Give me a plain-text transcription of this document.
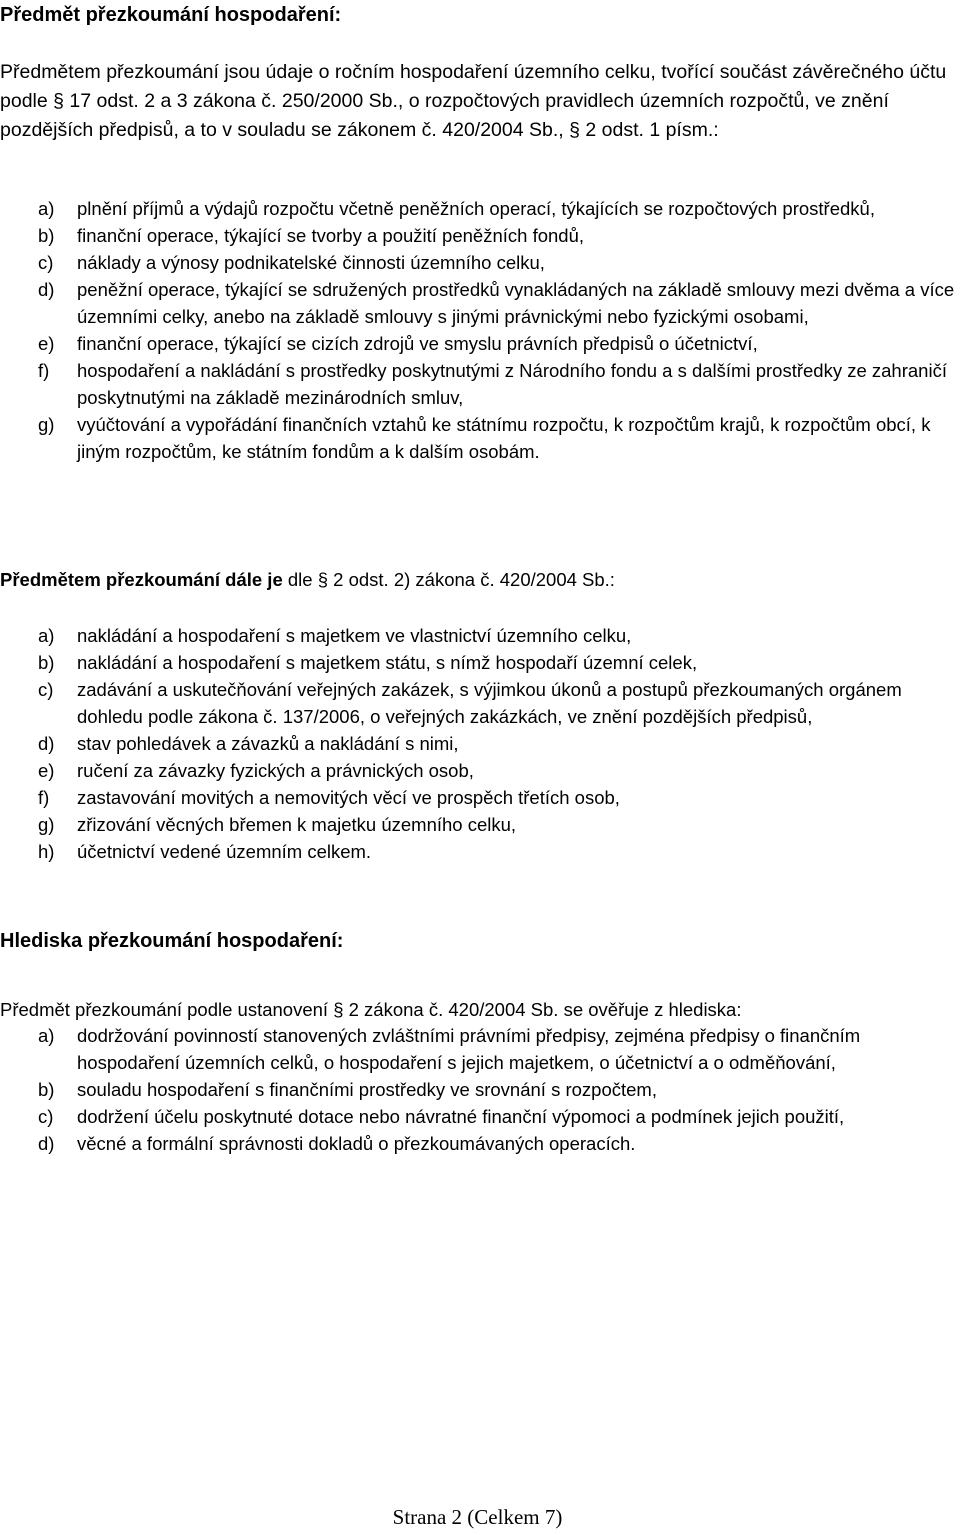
Předmět přezkoumání hospodaření:
Předmětem přezkoumání jsou údaje o ročním hospodaření územního celku, tvořící součást závěrečného účtu podle § 17 odst. 2 a 3 zákona č. 250/2000 Sb., o rozpočtových pravidlech územních rozpočtů, ve znění pozdějších předpisů, a to v souladu se zákonem č. 420/2004 Sb., § 2 odst. 1 písm.:
a) plnění příjmů a výdajů rozpočtu včetně peněžních operací, týkajících se rozpočtových prostředků,
b) finanční operace, týkající se tvorby a použití peněžních fondů,
c) náklady a výnosy podnikatelské činnosti územního celku,
d) peněžní operace, týkající se sdružených prostředků vynakládaných na základě smlouvy mezi dvěma a více územními celky, anebo na základě smlouvy s jinými právnickými nebo fyzickými osobami,
e) finanční operace, týkající se cizích zdrojů ve smyslu právních předpisů o účetnictví,
f) hospodaření a nakládání s prostředky poskytnutými z Národního fondu a s dalšími prostředky ze zahraničí poskytnutými na základě mezinárodních smluv,
g) vyúčtování a vypořádání finančních vztahů ke státnímu rozpočtu, k rozpočtům krajů, k rozpočtům obcí, k jiným rozpočtům, ke státním fondům a k dalším osobám.
Předmětem přezkoumání dále je dle § 2 odst. 2) zákona č. 420/2004 Sb.:
a) nakládání a hospodaření s majetkem ve vlastnictví územního celku,
b) nakládání a hospodaření s majetkem státu, s nímž hospodaří územní celek,
c) zadávání a uskutečňování veřejných zakázek, s výjimkou úkonů a postupů přezkoumaných orgánem dohledu podle zákona č. 137/2006, o veřejných zakázkách, ve znění pozdějších předpisů,
d) stav pohledávek a závazků a nakládání s nimi,
e) ručení za závazky fyzických a právnických osob,
f) zastavování movitých a nemovitých věcí ve prospěch třetích osob,
g) zřizování věcných břemen k majetku územního celku,
h) účetnictví vedené územním celkem.
Hlediska přezkoumání hospodaření:
Předmět přezkoumání podle ustanovení § 2 zákona č. 420/2004 Sb. se ověřuje z hlediska:
a) dodržování povinností stanovených zvláštními právními předpisy, zejména předpisy o finančním hospodaření územních celků, o hospodaření s jejich majetkem, o účetnictví a o odměňování,
b) souladu hospodaření s finančními prostředky ve srovnání s rozpočtem,
c) dodržení účelu poskytnuté dotace nebo návratné finanční výpomoci a podmínek jejich použití,
d) věcné a formální správnosti dokladů o přezkoumávaných operacích.
Strana 2 (Celkem 7)
